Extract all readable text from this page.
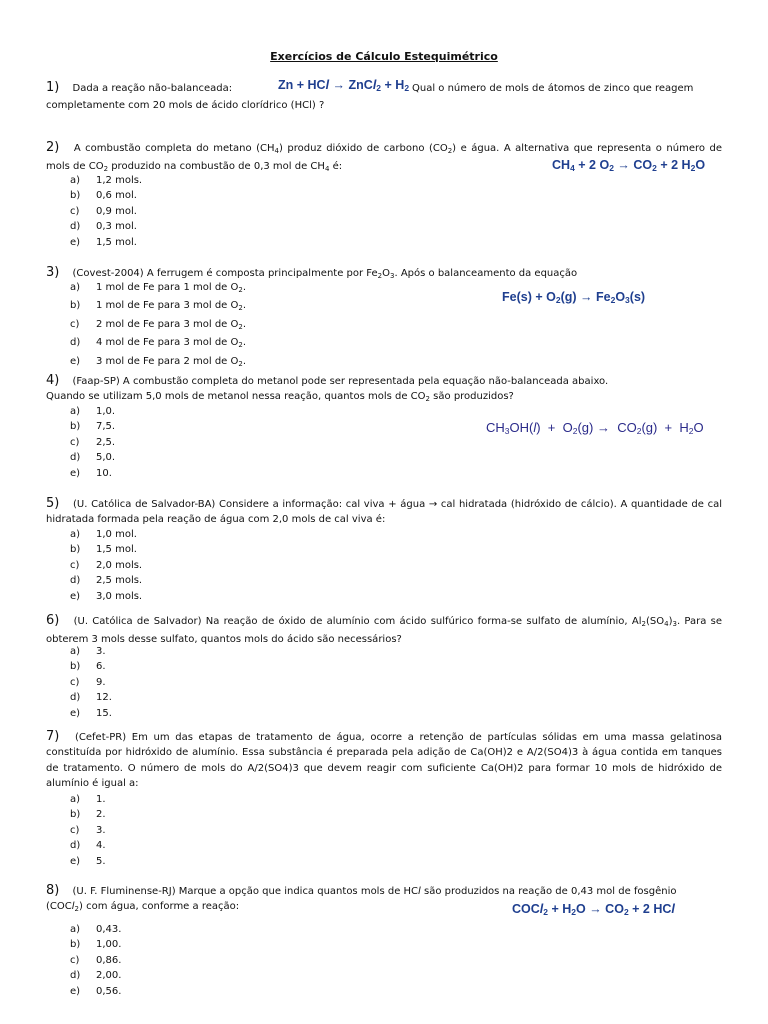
Exercícios de Cálculo Estequimétrico
1) Dada a reação não-balanceada:	Qual o número de mols de átomos de zinco que reagem
completamente com 20 mols de ácido clorídrico (HCl) ?
Zn + HCl → ZnCl$_2$ + $H_2$
2) A combustão completa do metano $(CH_4)$ produz dióxido de carbono $(CO_2)$ e água. A alternativa que representa o número de mols de $CO_2$ produzido na combustão de 0,3 mol de $CH_4$ é:	$CH_4 + 2$ $O_2 \to CO_2 + 2$ $H_2O$
a) 1,2 mols.
b) 0,6 mol.
c) 0,9 mol.
d) 0,3 mol.
e) 1,5 mol.
3) (Covest-2004) A ferrugem é composta principalmente por $Fe_2O_3$. Após o balanceamento da equação
$Fe(s) + O_2(g) \to Fe_2O_3(s)$
a) 1 mol de Fe para 1 mol de $O_2$.
b) 1 mol de Fe para 3 mol de $O_2$.
c) 2 mol de Fe para 3 mol de $O_2$.
d) 4 mol de Fe para 3 mol de $O_2$.
e) 3 mol de Fe para 2 mol de $O_2$.
4) (Faap-SP) A combustão completa do metanol pode ser representada pela equação não-balanceada abaixo.
Quando se utilizam 5,0 mols de metanol nessa reação, quantos mols de $CO_2$ são produzidos?
$CH_3OH(l) + O_2(g) \to CO_2(g) + H_2O$
a) 1,0.
b) 7,5.
c) 2,5.
d) 5,0.
e) 10.
5) (U. Católica de Salvador-BA) Considere a informação: cal viva + água → cal hidratada (hidróxido de cálcio). A quantidade de cal hidratada formada pela reação de água com 2,0 mols de cal viva é:
a) 1,0 mol.
b) 1,5 mol.
c) 2,0 mols.
d) 2,5 mols.
e) 3,0 mols.
6) (U. Católica de Salvador) Na reação de óxido de alumínio com ácido sulfúrico forma-se sulfato de alumínio, $Al_2(SO_4)_3$. Para se obterem 3 mols desse sulfato, quantos mols do ácido são necessários?
a) 3.
b) 6.
c) 9.
d) 12.
e) 15.
7) (Cefet-PR) Em um das etapas de tratamento de água, ocorre a retenção de partículas sólidas em uma massa gelatinosa constituída por hidróxido de alumínio. Essa substância é preparada pela adição de Ca(OH)2 e A/2(SO4)3 à água contida em tanques de tratamento. O número de mols do A/2(SO4)3 que devem reagir com suficiente Ca(OH)2 para formar 10 mols de hidróxido de alumínio é igual a:
a) 1.
b) 2.
c) 3.
d) 4.
e) 5.
8) (U. F. Fluminense-RJ) Marque a opção que indica quantos mols de HCl são produzidos na reação de 0,43 mol de fosgênio
(COCl$_2$) com água, conforme a reação:	COCl$_2$ + $H_2O \to CO_2 + 2$ HCl
a) 0,43.
b) 1,00.
c) 0,86.
d) 2,00.
e) 0,56.
